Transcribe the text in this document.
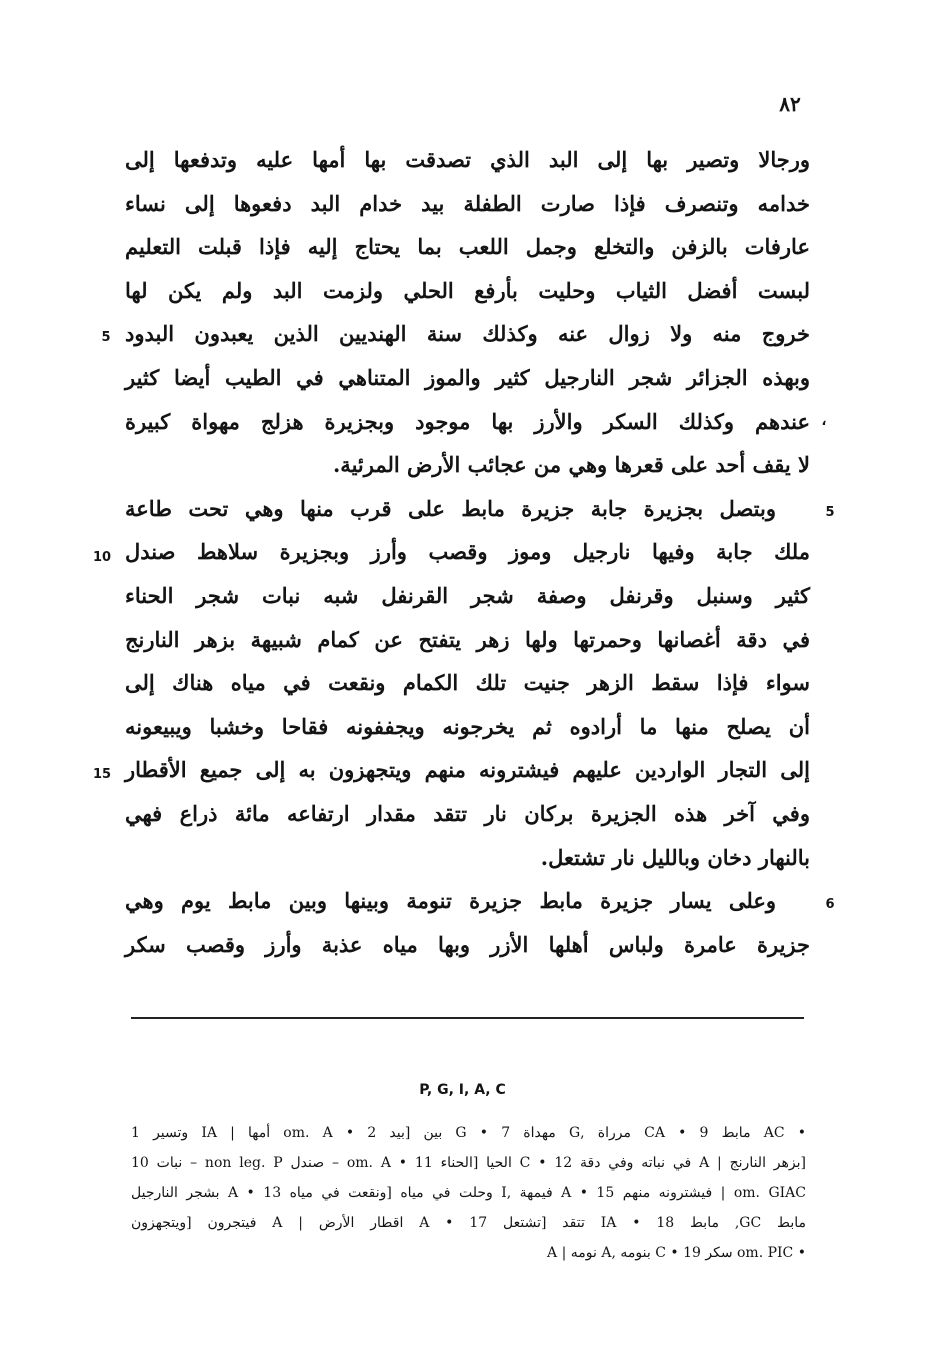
٨٢
ورجالا وتصير بها إلى البد الذي تصدقت بها أمها عليه وتدفعها إلى
خدامه وتنصرف فإذا صارت الطفلة بيد خدام البد دفعوها إلى نساء
عارفات بالزفن والتخلع وجمل اللعب بما يحتاج إليه فإذا قبلت التعليم
لبست أفضل الثياب وحليت بأرفع الحلي ولزمت البد ولم يكن لها
خروج منه ولا زوال عنه وكذلك سنة الهنديين الذين يعبدون البدود
وبهذه الجزائر شجر النارجيل كثير والموز المتناهي في الطيب أيضا كثير
عندهم وكذلك السكر والأرز بها موجود وبجزيرة هزلج مهواة كبيرة
لا يقف أحد على قعرها وهي من عجائب الأرض المرئية.
وبتصل بجزيرة جابة جزيرة مابط على قرب منها وهي تحت طاعة
ملك جابة وفيها نارجيل وموز وقصب وأرز وبجزيرة سلاهط صندل
كثير وسنبل وقرنفل وصفة شجر القرنفل شبه نبات شجر الحناء
في دقة أغصانها وحمرتها ولها زهر يتفتح عن كمام شبيهة بزهر النارنج
سواء فإذا سقط الزهر جنيت تلك الكمام ونقعت في مياه هناك إلى
أن يصلح منها ما أرادوه ثم يخرجونه ويجففونه فقاحا وخشبا ويبيعونه
إلى التجار الواردين عليهم فيشترونه منهم ويتجهزون به إلى جميع الأقطار
وفي آخر هذه الجزيرة بركان نار تتقد مقدار ارتفاعه مائة ذراع فهي
بالنهار دخان وبالليل نار تشتعل.
وعلى يسار جزيرة مابط جزيرة تنومة وبينها وبين مابط يوم وهي
جزيرة عامرة ولباس أهلها الأزر وبها مياه عذبة وأرز وقصب سكر
5
،
5
10
15
6
P, G, I, A, C
• AC مابط 9 • CA مرراة ,G مهداة 7 • G بين [بيد 2 • om. A أمها | IA وتسير 1
[بزهر النارنج | A في نباته وفي دقة 12 • C الحيا [الحناء 11 • om. A – صندل non leg. P – نبات 10
om. GIAC | فيشترونه منهم 15 • A فيمهة ,I وحلت في مياه [ونقعت في مياه 13 • A بشجر النارجيل
مابط GC, مابط 18 • IA تتقد [تشتعل 17 • A اقطار الأرض | A فيتجرون [ويتجهزون
• om. PIC سكر 19 • C بنومه ,A نومه | A
